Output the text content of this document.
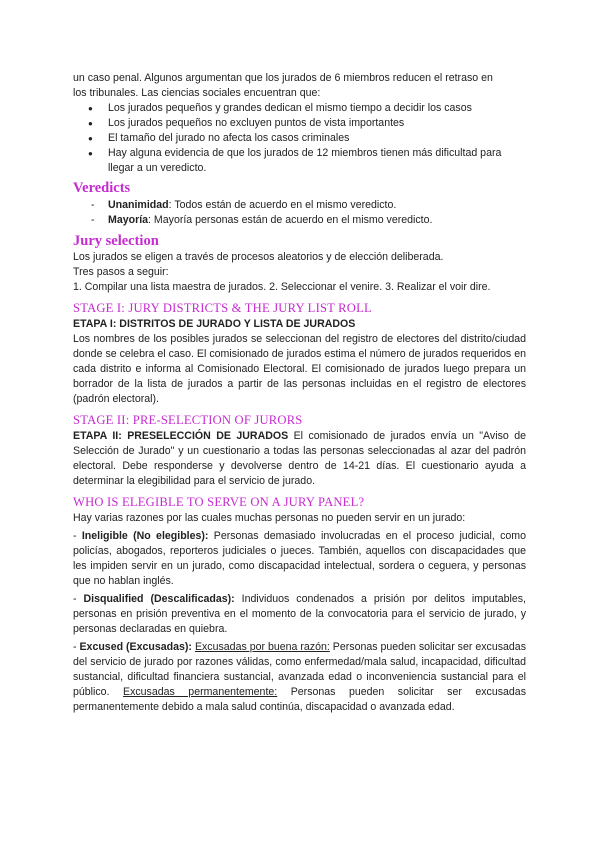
un caso penal. Algunos argumentan que los jurados de 6 miembros reducen el retraso en

los tribunales. Las ciencias sociales encuentran que:

● Los jurados pequeños y grandes dedican el mismo tiempo a decidir los casos
● Los jurados pequeños no excluyen puntos de vista importantes
● El tamaño del jurado no afecta los casos criminales
● Hay alguna evidencia de que los jurados de 12 miembros tienen más dificultad para llegar a un veredicto.

Veredicts

- Unanimidad: Todos están de acuerdo en el mismo veredicto.
- Mayoría: Mayoría personas están de acuerdo en el mismo veredicto.

Jury selection

Los jurados se eligen a través de procesos aleatorios y de elección deliberada.

Tres pasos a seguir:

1. Compilar una lista maestra de jurados. 2. Seleccionar el venire. 3. Realizar el voir dire.

STAGE I: JURY DISTRICTS & THE JURY LIST ROLL

ETAPA I: DISTRITOS DE JURADO Y LISTA DE JURADOS

Los nombres de los posibles jurados se seleccionan del registro de electores del distrito/ciudad donde se celebra el caso. El comisionado de jurados estima el número de jurados requeridos en cada distrito e informa al Comisionado Electoral. El comisionado de jurados luego prepara un borrador de la lista de jurados a partir de las personas incluidas en el registro de electores (padrón electoral).

STAGE II: PRE-SELECTION OF JURORS

ETAPA II: PRESELECCIÓN DE JURADOS El comisionado de jurados envía un "Aviso de Selección de Jurado" y un cuestionario a todas las personas seleccionadas al azar del padrón electoral. Debe responderse y devolverse dentro de 14-21 días. El cuestionario ayuda a determinar la elegibilidad para el servicio de jurado.

WHO IS ELEGIBLE TO SERVE ON A JURY PANEL?

Hay varias razones por las cuales muchas personas no pueden servir en un jurado:

- Ineligible (No elegibles): Personas demasiado involucradas en el proceso judicial, como policías, abogados, reporteros judiciales o jueces. También, aquellos con discapacidades que les impiden servir en un jurado, como discapacidad intelectual, sordera o ceguera, y personas que no hablan inglés.

- Disqualified (Descalificadas): Individuos condenados a prisión por delitos imputables, personas en prisión preventiva en el momento de la convocatoria para el servicio de jurado, y personas declaradas en quiebra.

- Excused (Excusadas): Excusadas por buena razón: Personas pueden solicitar ser excusadas del servicio de jurado por razones válidas, como enfermedad/mala salud, incapacidad, dificultad sustancial, dificultad financiera sustancial, avanzada edad o inconveniencia sustancial para el público. Excusadas permanentemente: Personas pueden solicitar ser excusadas permanentemente debido a mala salud continúa, discapacidad o avanzada edad.
